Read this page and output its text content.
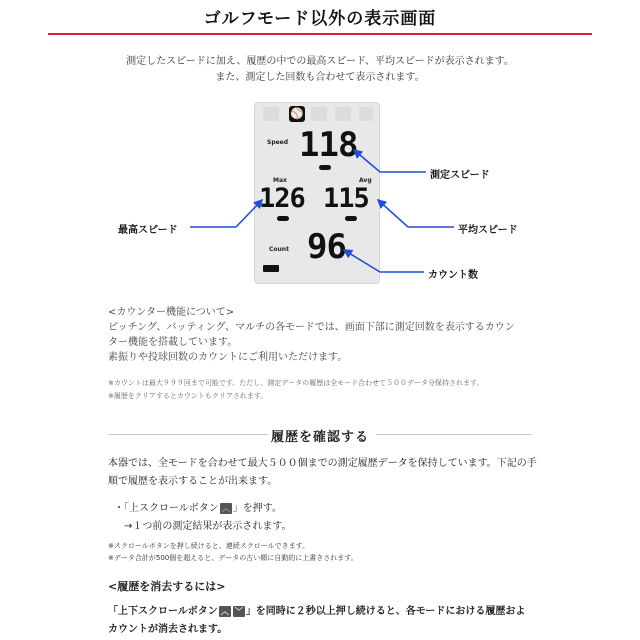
ゴルフモード以外の表示画面
測定したスピードに加え、履歴の中での最高スピード、平均スピードが表示されます。
また、測定した回数も合わせて表示されます。
⚾
Speed 118
Max	Avg
126 115
Count 96
測定スピード
最高スピード	平均スピード
カウント数
<カウンター機能について>
ピッチング、バッティング、マルチの各モードでは、画面下部に測定回数を表示するカウン
ター機能を搭載しています。
素振りや投球回数のカウントにご利用いただけます。
※カウントは最大９９９回まで可能です。ただし、測定データの履歴は全モード合わせて５００データ分保持されます。
※履歴をクリアするとカウントもクリアされます。
履歴を確認する
本器では、全モードを合わせて最大５００個までの測定履歴データを保持しています。下記の手
順で履歴を表示することが出来ます。
・「上スクロールボタン ︿ 」を押す。
→１つ前の測定結果が表示されます。
※スクロールボタンを押し続けると、連続スクロールできます。
※データ合計が500個を超えると、データの古い順に自動的に上書きされます。
<履歴を消去するには>
「上下スクロールボタン ︿ ﹀ 」を同時に２秒以上押し続けると、各モードにおける履歴およ
カウントが消去されます。
